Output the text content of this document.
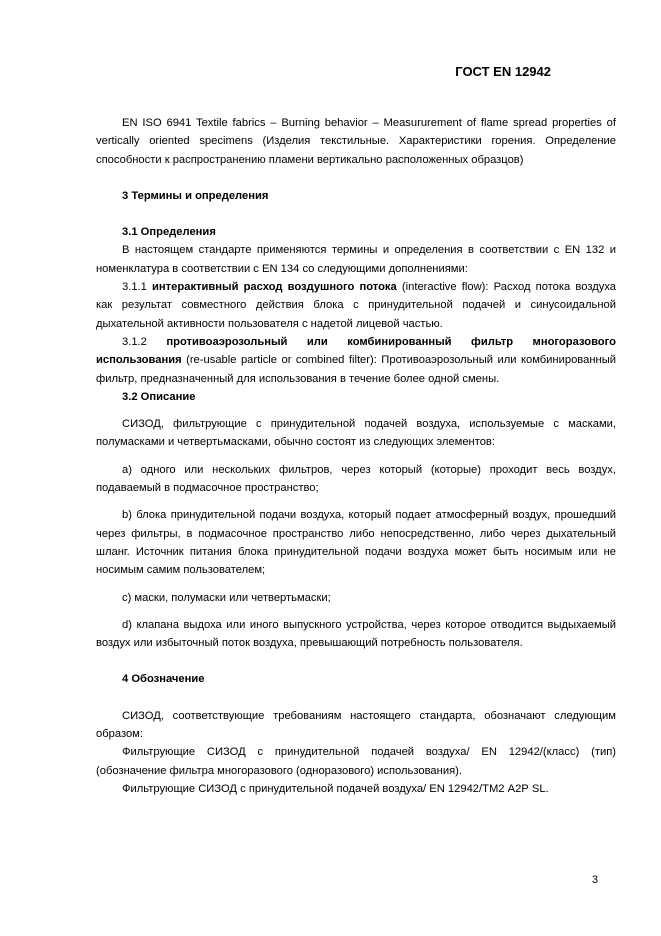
ГОСТ EN 12942

EN ISO 6941 Textile fabrics – Burning behavior – Measururement of flame spread properties of vertically oriented specimens (Изделия текстильные. Характеристики горения. Определение способности к распространению пламени вертикально расположенных образцов)

3 Термины и определения

3.1 Определения

В настоящем стандарте применяются термины и определения в соответствии с EN 132 и номенклатура в соответствии с EN 134 со следующими дополнениями:

3.1.1 интерактивный расход воздушного потока (interactive flow): Расход потока воздуха как результат совместного действия блока с принудительной подачей и синусоидальной дыхательной активности пользователя с надетой лицевой частью.

3.1.2 противоаэрозольный или комбинированный фильтр многоразового использования (re-usable particle or combined filter): Противоаэрозольный или комбинированный фильтр, предназначенный для использования в течение более одной смены.

3.2 Описание

СИЗОД, фильтрующие с принудительной подачей воздуха, используемые с масками, полумасками и четвертьмасками, обычно состоят из следующих элементов:

а) одного или нескольких фильтров, через который (которые) проходит весь воздух, подаваемый в подмасочное пространство;

b) блока принудительной подачи воздуха, который подает атмосферный воздух, прошедший через фильтры, в подмасочное пространство либо непосредственно, либо через дыхательный шланг. Источник питания блока принудительной подачи воздуха может быть носимым или не носимым самим пользователем;

с) маски, полумаски или четвертьмаски;

d) клапана выдоха или иного выпускного устройства, через которое отводится выдыхаемый воздух или избыточный поток воздуха, превышающий потребность пользователя.

4 Обозначение

СИЗОД, соответствующие требованиям настоящего стандарта, обозначают следующим образом:

Фильтрующие СИЗОД с принудительной подачей воздуха/ EN 12942/(класс) (тип) (обозначение фильтра многоразового (одноразового) использования).

Фильтрующие СИЗОД с принудительной подачей воздуха/ EN 12942/ТМ2 А2Р SL.

3
